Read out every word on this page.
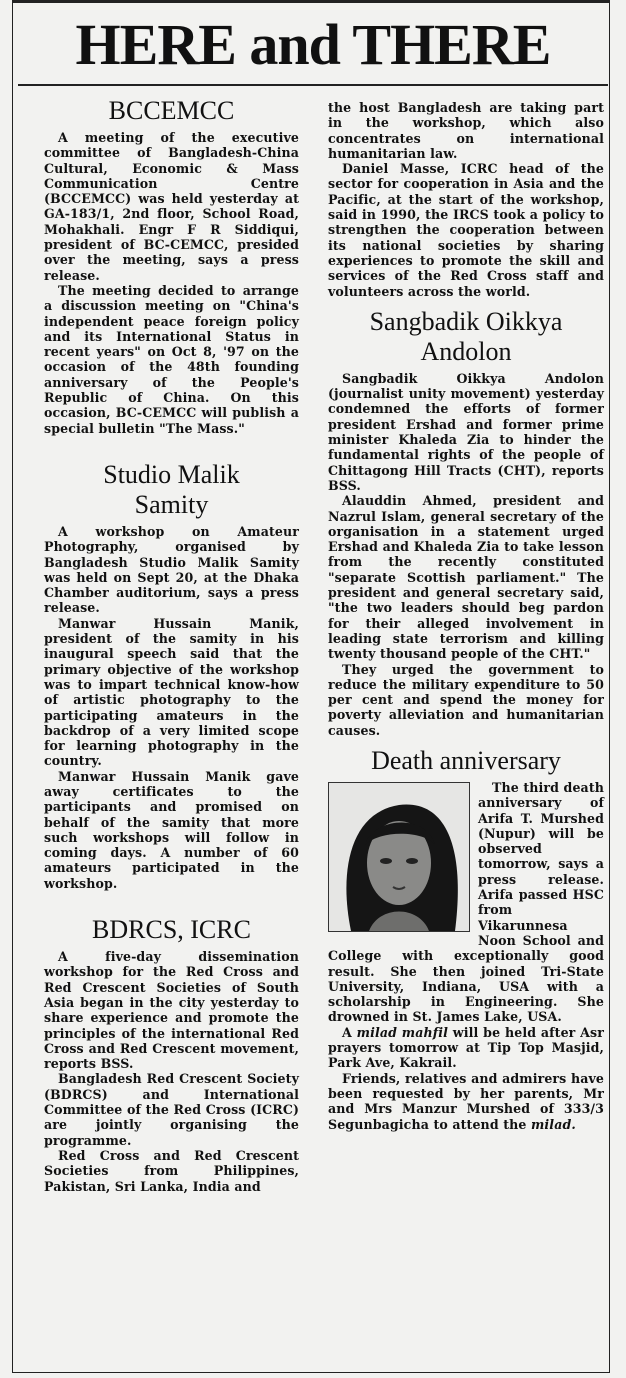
HERE and THERE
BCCEMCC

A meeting of the executive committee of Bangladesh-China Cultural, Economic & Mass Communication Centre (BCCEMCC) was held yesterday at GA-183/1, 2nd floor, School Road, Mohakhali. Engr F R Siddiqui, president of BC-CEMCC, presided over the meeting, says a press release.

The meeting decided to arrange a discussion meeting on "China's independent peace foreign policy and its International Status in recent years" on Oct 8, '97 on the occasion of the 48th founding anniversary of the People's Republic of China. On this occasion, BC-CEMCC will publish a special bulletin "The Mass."

Studio Malik Samity

A workshop on Amateur Photography, organised by Bangladesh Studio Malik Samity was held on Sept 20, at the Dhaka Chamber auditorium, says a press release.

Manwar Hussain Manik, president of the samity in his inaugural speech said that the primary objective of the workshop was to impart technical know-how of artistic photography to the participating amateurs in the backdrop of a very limited scope for learning photography in the country.

Manwar Hussain Manik gave away certificates to the participants and promised on behalf of the samity that more such workshops will follow in coming days. A number of 60 amateurs participated in the workshop.

BDRCS, ICRC

A five-day dissemination workshop for the Red Cross and Red Crescent Societies of South Asia began in the city yesterday to share experience and promote the principles of the international Red Cross and Red Crescent movement, reports BSS.

Bangladesh Red Crescent Society (BDRCS) and International Committee of the Red Cross (ICRC) are jointly organising the programme.

Red Cross and Red Crescent Societies from Philippines, Pakistan, Sri Lanka, India and

the host Bangladesh are taking part in the workshop, which also concentrates on international humanitarian law.

Daniel Masse, ICRC head of the sector for cooperation in Asia and the Pacific, at the start of the workshop, said in 1990, the IRCS took a policy to strengthen the cooperation between its national societies by sharing experiences to promote the skill and services of the Red Cross staff and volunteers across the world.

Sangbadik Oikkya Andolon

Sangbadik Oikkya Andolon (journalist unity movement) yesterday condemned the efforts of former president Ershad and former prime minister Khaleda Zia to hinder the fundamental rights of the people of Chittagong Hill Tracts (CHT), reports BSS.

Alauddin Ahmed, president and Nazrul Islam, general secretary of the organisation in a statement urged Ershad and Khaleda Zia to take lesson from the recently constituted "separate Scottish parliament." The president and general secretary said, "the two leaders should beg pardon for their alleged involvement in leading state terrorism and killing twenty thousand people of the CHT."

They urged the government to reduce the military expenditure to 50 per cent and spend the money for poverty alleviation and humanitarian causes.

Death anniversary

The third death anniversary of Arifa T. Murshed (Nupur) will be observed tomorrow, says a press release. Arifa passed HSC from Vikarunnesa Noon School and College with exceptionally good result. She then joined Tri-State University, Indiana, USA with a scholarship in Engineering. She drowned in St. James Lake, USA.

A milad mahfil will be held after Asr prayers tomorrow at Tip Top Masjid, Park Ave, Kakrail.

Friends, relatives and admirers have been requested by her parents, Mr and Mrs Manzur Murshed of 333/3 Segunbagicha to attend the milad.
